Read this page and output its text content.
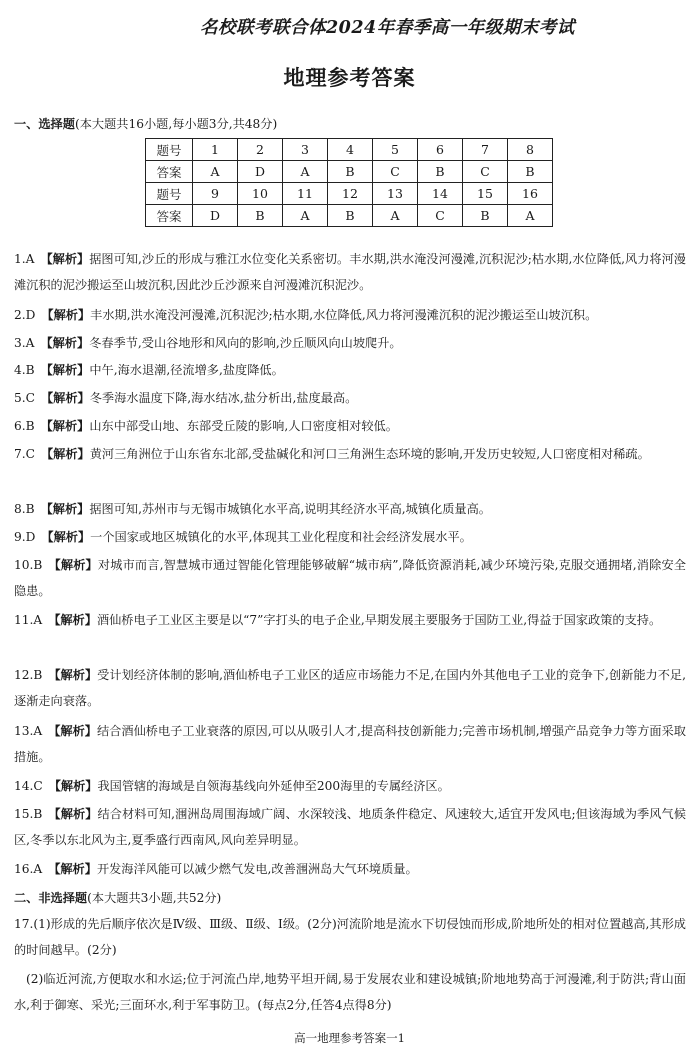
名校联考联合体2024年春季高一年级期末考试
地理参考答案
一、选择题(本大题共16小题,每小题3分,共48分)
题号	1	2	3	4	5	6	7	8
答案	A	D	A	B	C	B	C	B
题号	9	10	11	12	13	14	15	16
答案	D	B	A	B	A	C	B	A
1.A 【解析】据图可知,沙丘的形成与雅江水位变化关系密切。丰水期,洪水淹没河漫滩,沉积泥沙;枯水期,水位降低,风力将河漫滩沉积的泥沙搬运至山坡沉积,因此沙丘沙源来自河漫滩沉积泥沙。
2.D 【解析】丰水期,洪水淹没河漫滩,沉积泥沙;枯水期,水位降低,风力将河漫滩沉积的泥沙搬运至山坡沉积。
3.A 【解析】冬春季节,受山谷地形和风向的影响,沙丘顺风向山坡爬升。
4.B 【解析】中午,海水退潮,径流增多,盐度降低。
5.C 【解析】冬季海水温度下降,海水结冰,盐分析出,盐度最高。
6.B 【解析】山东中部受山地、东部受丘陵的影响,人口密度相对较低。
7.C 【解析】黄河三角洲位于山东省东北部,受盐碱化和河口三角洲生态环境的影响,开发历史较短,人口密度相对稀疏。
8.B 【解析】据图可知,苏州市与无锡市城镇化水平高,说明其经济水平高,城镇化质量高。
9.D 【解析】一个国家或地区城镇化的水平,体现其工业化程度和社会经济发展水平。
10.B 【解析】对城市而言,智慧城市通过智能化管理能够破解“城市病”,降低资源消耗,减少环境污染,克服交通拥堵,消除安全隐患。
11.A 【解析】酒仙桥电子工业区主要是以“7”字打头的电子企业,早期发展主要服务于国防工业,得益于国家政策的支持。
12.B 【解析】受计划经济体制的影响,酒仙桥电子工业区的适应市场能力不足,在国内外其他电子工业的竞争下,创新能力不足,逐渐走向衰落。
13.A 【解析】结合酒仙桥电子工业衰落的原因,可以从吸引人才,提高科技创新能力;完善市场机制,增强产品竞争力等方面采取措施。
14.C 【解析】我国管辖的海域是自领海基线向外延伸至200海里的专属经济区。
15.B 【解析】结合材料可知,涠洲岛周围海域广阔、水深较浅、地质条件稳定、风速较大,适宜开发风电;但该海域为季风气候区,冬季以东北风为主,夏季盛行西南风,风向差异明显。
16.A 【解析】开发海洋风能可以减少燃气发电,改善涠洲岛大气环境质量。
二、非选择题(本大题共3小题,共52分)
17.(1)形成的先后顺序依次是Ⅳ级、Ⅲ级、Ⅱ级、Ⅰ级。(2分)河流阶地是流水下切侵蚀而形成,阶地所处的相对位置越高,其形成的时间越早。(2分)
(2)临近河流,方便取水和水运;位于河流凸岸,地势平坦开阔,易于发展农业和建设城镇;阶地地势高于河漫滩,利于防洪;背山面水,利于御寒、采光;三面环水,利于军事防卫。(每点2分,任答4点得8分)
高一地理参考答案一1
